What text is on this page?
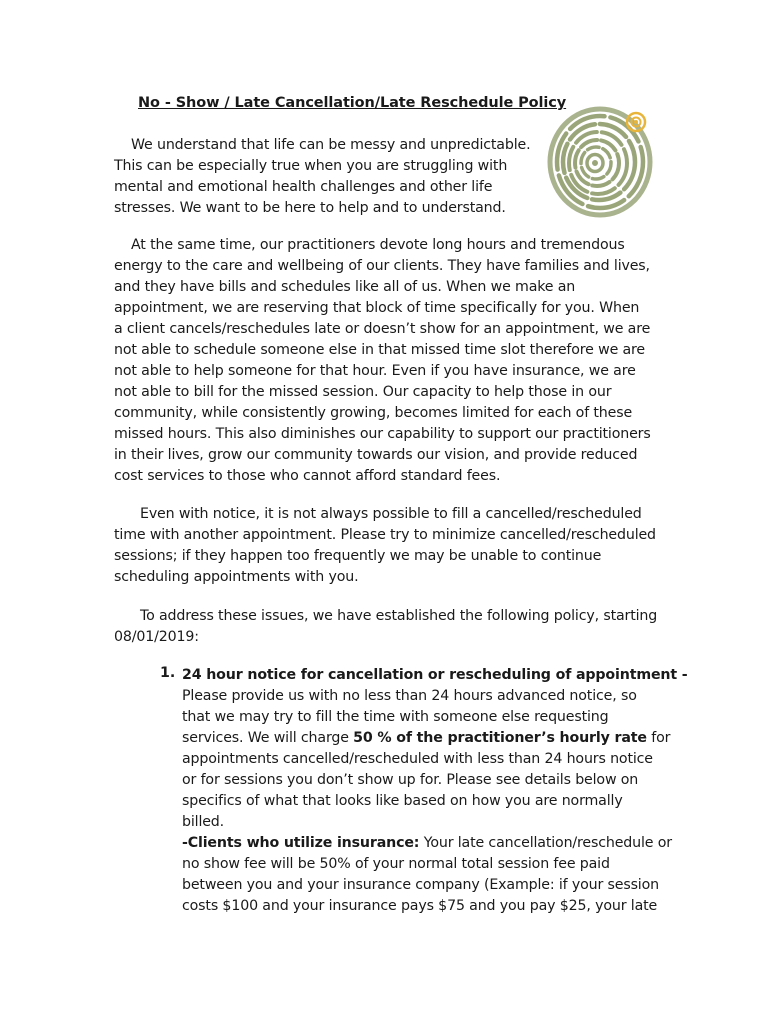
No - Show / Late Cancellation/Late Reschedule Policy
We understand that life can be messy and unpredictable.
This can be especially true when you are struggling with
mental and emotional health challenges and other life
stresses. We want to be here to help and to understand.
At the same time, our practitioners devote long hours and tremendous
energy to the care and wellbeing of our clients. They have families and lives,
and they have bills and schedules like all of us. When we make an
appointment, we are reserving that block of time specifically for you. When
a client cancels/reschedules late or doesn’t show for an appointment, we are
not able to schedule someone else in that missed time slot therefore we are
not able to help someone for that hour. Even if you have insurance, we are
not able to bill for the missed session. Our capacity to help those in our
community, while consistently growing, becomes limited for each of these
missed hours. This also diminishes our capability to support our practitioners
in their lives, grow our community towards our vision, and provide reduced
cost services to those who cannot afford standard fees.
Even with notice, it is not always possible to fill a cancelled/rescheduled
time with another appointment. Please try to minimize cancelled/rescheduled
sessions; if they happen too frequently we may be unable to continue
scheduling appointments with you.
To address these issues, we have established the following policy, starting
08/01/2019:
1. 24 hour notice for cancellation or rescheduling of appointment -
Please provide us with no less than 24 hours advanced notice, so
that we may try to fill the time with someone else requesting
services. We will charge 50 % of the practitioner’s hourly rate for
appointments cancelled/rescheduled with less than 24 hours notice
or for sessions you don’t show up for. Please see details below on
specifics of what that looks like based on how you are normally
billed.
-Clients who utilize insurance: Your late cancellation/reschedule or
no show fee will be 50% of your normal total session fee paid
between you and your insurance company (Example: if your session
costs $100 and your insurance pays $75 and you pay $25, your late
